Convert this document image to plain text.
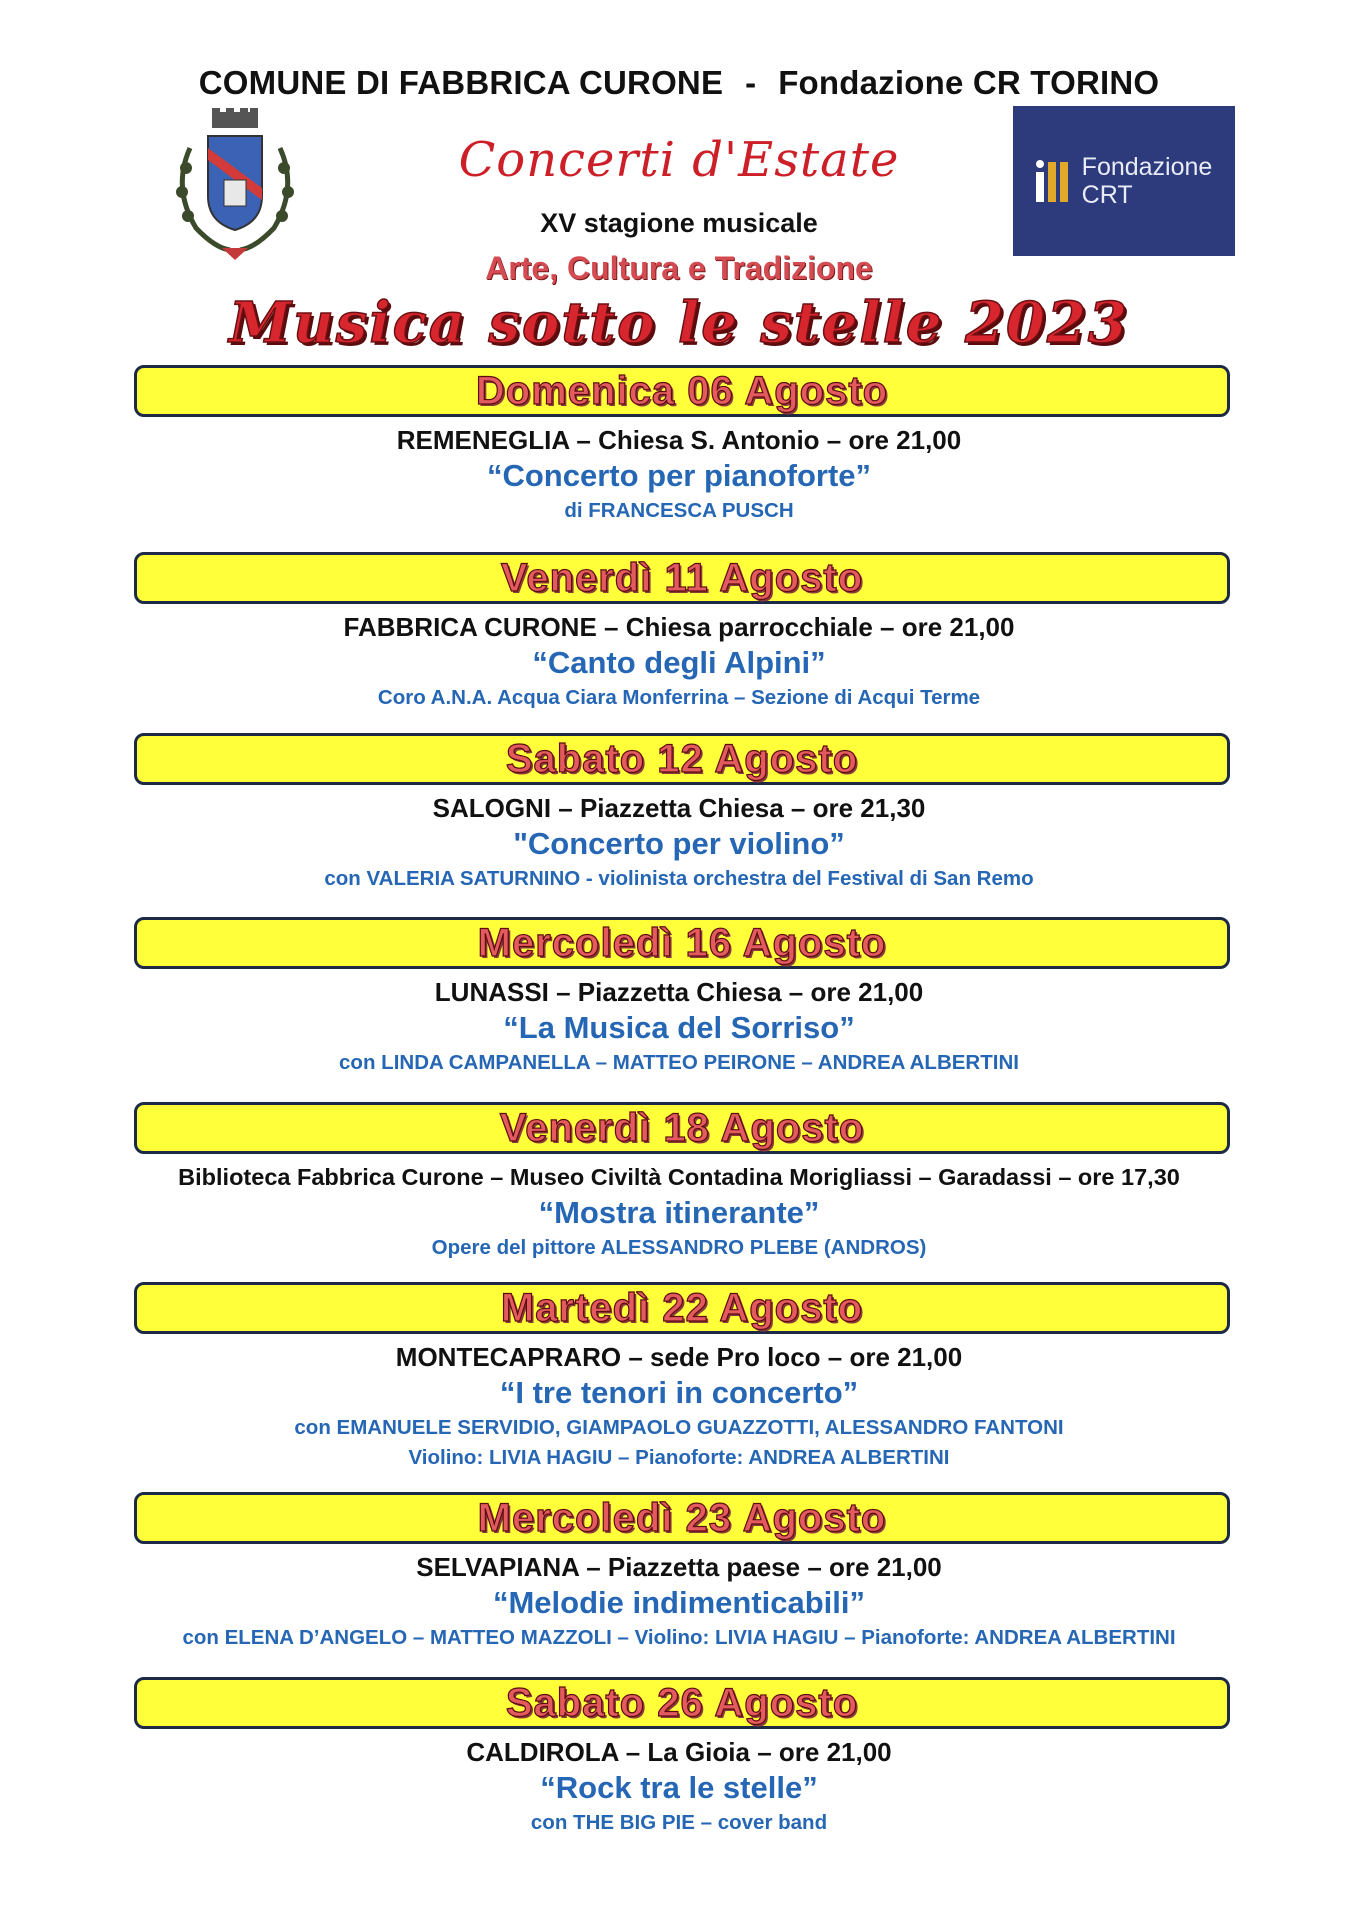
COMUNE DI FABBRICA CURONE - Fondazione CR TORINO
Concerti d'Estate	Fondazione
CRT
XV stagione musicale
Arte, Cultura e Tradizione
Musica sotto le stelle 2023
Domenica 06 Agosto
REMENEGLIA – Chiesa S. Antonio – ore 21,00
“Concerto per pianoforte”
di FRANCESCA PUSCH
Venerdì 11 Agosto
FABBRICA CURONE – Chiesa parrocchiale – ore 21,00
“Canto degli Alpini”
Coro A.N.A. Acqua Ciara Monferrina – Sezione di Acqui Terme
Sabato 12 Agosto
SALOGNI – Piazzetta Chiesa – ore 21,30
"Concerto per violino”
con VALERIA SATURNINO - violinista orchestra del Festival di San Remo
Mercoledì 16 Agosto
LUNASSI – Piazzetta Chiesa – ore 21,00
“La Musica del Sorriso”
con LINDA CAMPANELLA – MATTEO PEIRONE – ANDREA ALBERTINI
Venerdì 18 Agosto
Biblioteca Fabbrica Curone – Museo Civiltà Contadina Morigliassi – Garadassi – ore 17,30
“Mostra itinerante”
Opere del pittore ALESSANDRO PLEBE (ANDROS)
Martedì 22 Agosto
MONTECAPRARO – sede Pro loco – ore 21,00
“I tre tenori in concerto”
con EMANUELE SERVIDIO, GIAMPAOLO GUAZZOTTI, ALESSANDRO FANTONI
Violino: LIVIA HAGIU – Pianoforte: ANDREA ALBERTINI
Mercoledì 23 Agosto
SELVAPIANA – Piazzetta paese – ore 21,00
“Melodie indimenticabili”
con ELENA D’ANGELO – MATTEO MAZZOLI – Violino: LIVIA HAGIU – Pianoforte: ANDREA ALBERTINI
Sabato 26 Agosto
CALDIROLA – La Gioia – ore 21,00
“Rock tra le stelle”
con THE BIG PIE – cover band
